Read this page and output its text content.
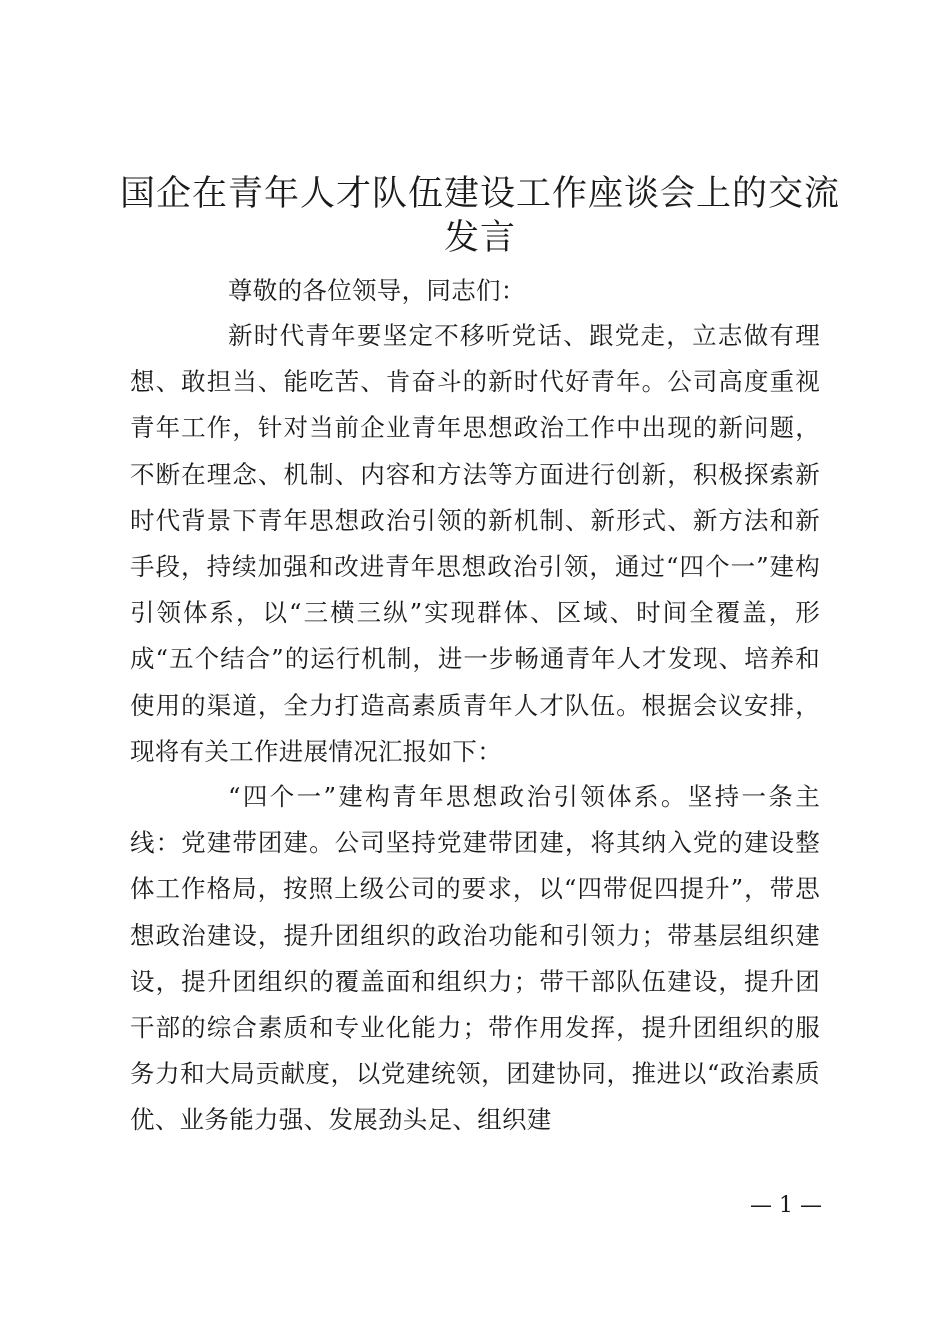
国企在青年人才队伍建设工作座谈会上的交流
发言

尊敬的各位领导，同志们：

新时代青年要坚定不移听党话、跟党走，立志做有理想、敢担当、能吃苦、肯奋斗的新时代好青年。公司高度重视青年工作，针对当前企业青年思想政治工作中出现的新问题，不断在理念、机制、内容和方法等方面进行创新，积极探索新时代背景下青年思想政治引领的新机制、新形式、新方法和新手段，持续加强和改进青年思想政治引领，通过“四个一”建构引领体系，以“三横三纵”实现群体、区域、时间全覆盖，形成“五个结合”的运行机制，进一步畅通青年人才发现、培养和使用的渠道，全力打造高素质青年人才队伍。根据会议安排，现将有关工作进展情况汇报如下：

“四个一”建构青年思想政治引领体系。坚持一条主线：党建带团建。公司坚持党建带团建，将其纳入党的建设整体工作格局，按照上级公司的要求，以“四带促四提升”，带思想政治建设，提升团组织的政治功能和引领力；带基层组织建设，提升团组织的覆盖面和组织力；带干部队伍建设，提升团干部的综合素质和专业化能力；带作用发挥，提升团组织的服务力和大局贡献度，以党建统领，团建协同，推进以“政治素质优、业务能力强、发展劲头足、组织建

— 1 —
